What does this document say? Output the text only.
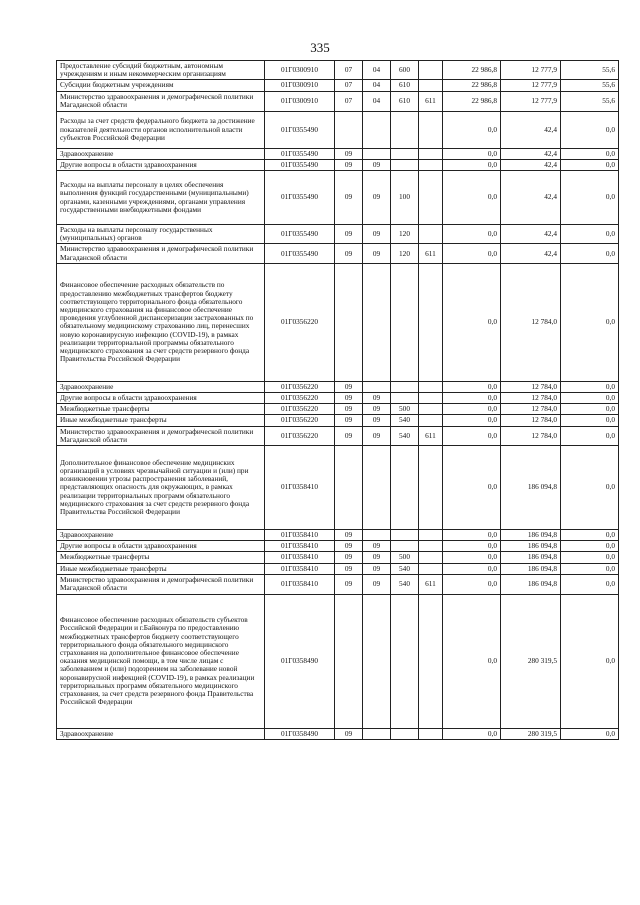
335
Предоставление субсидий бюджетным, автономным учреждениям и иным некоммерческим организациям	01Г0300910	07	04	600		22 986,8	12 777,9	55,6
Субсидии бюджетным учреждениям	01Г0300910	07	04	610		22 986,8	12 777,9	55,6
Министерство здравоохранения и демографической политики Магаданской области	01Г0300910	07	04	610	611	22 986,8	12 777,9	55,6
Расходы за счет средств федерального бюджета за достижение показателей деятельности органов исполнительной власти субъектов Российской Федерации	01Г0355490					0,0	42,4	0,0
Здравоохранение	01Г0355490	09				0,0	42,4	0,0
Другие вопросы в области здравоохранения	01Г0355490	09	09			0,0	42,4	0,0
Расходы на выплаты персоналу в целях обеспечения выполнения функций государственными (муниципальными) органами, казенными учреждениями, органами управления государственными внебюджетными фондами	01Г0355490	09	09	100		0,0	42,4	0,0
Расходы на выплаты персоналу государственных (муниципальных) органов	01Г0355490	09	09	120		0,0	42,4	0,0
Министерство здравоохранения и демографической политики Магаданской области	01Г0355490	09	09	120	611	0,0	42,4	0,0
Финансовое обеспечение расходных обязательств по предоставлению межбюджетных трансфертов бюджету соответствующего территориального фонда обязательного медицинского страхования на финансовое обеспечение проведения углубленной диспансеризации застрахованных по обязательному медицинскому страхованию лиц, перенесших новую коронавирусную инфекцию (COVID-19), в рамках реализации территориальной программы обязательного медицинского страхования за счет средств резервного фонда Правительства Российской Федерации	01Г0356220					0,0	12 784,0	0,0
Здравоохранение	01Г0356220	09				0,0	12 784,0	0,0
Другие вопросы в области здравоохранения	01Г0356220	09	09			0,0	12 784,0	0,0
Межбюджетные трансферты	01Г0356220	09	09	500		0,0	12 784,0	0,0
Иные межбюджетные трансферты	01Г0356220	09	09	540		0,0	12 784,0	0,0
Министерство здравоохранения и демографической политики Магаданской области	01Г0356220	09	09	540	611	0,0	12 784,0	0,0
Дополнительное финансовое обеспечение медицинских организаций в условиях чрезвычайной ситуации и (или) при возникновении угрозы распространения заболеваний, представляющих опасность для окружающих, в рамках реализации территориальных программ обязательного медицинского страхования за счет средств резервного фонда Правительства Российской Федерации	01Г0358410					0,0	186 094,8	0,0
Здравоохранение	01Г0358410	09				0,0	186 094,8	0,0
Другие вопросы в области здравоохранения	01Г0358410	09	09			0,0	186 094,8	0,0
Межбюджетные трансферты	01Г0358410	09	09	500		0,0	186 094,8	0,0
Иные межбюджетные трансферты	01Г0358410	09	09	540		0,0	186 094,8	0,0
Министерство здравоохранения и демографической политики Магаданской области	01Г0358410	09	09	540	611	0,0	186 094,8	0,0
Финансовое обеспечение расходных обязательств субъектов Российской Федерации и г.Байконура по предоставлению межбюджетных трансфертов бюджету соответствующего территориального фонда обязательного медицинского страхования на дополнительное финансовое обеспечение оказания медицинской помощи, в том числе лицам с заболеванием и (или) подозрением на заболевание новой коронавирусной инфекцией (COVID-19), в рамках реализации территориальных программ обязательного медицинского страхования, за счет средств резервного фонда Правительства Российской Федерации	01Г0358490					0,0	280 319,5	0,0
Здравоохранение	01Г0358490	09				0,0	280 319,5	0,0
